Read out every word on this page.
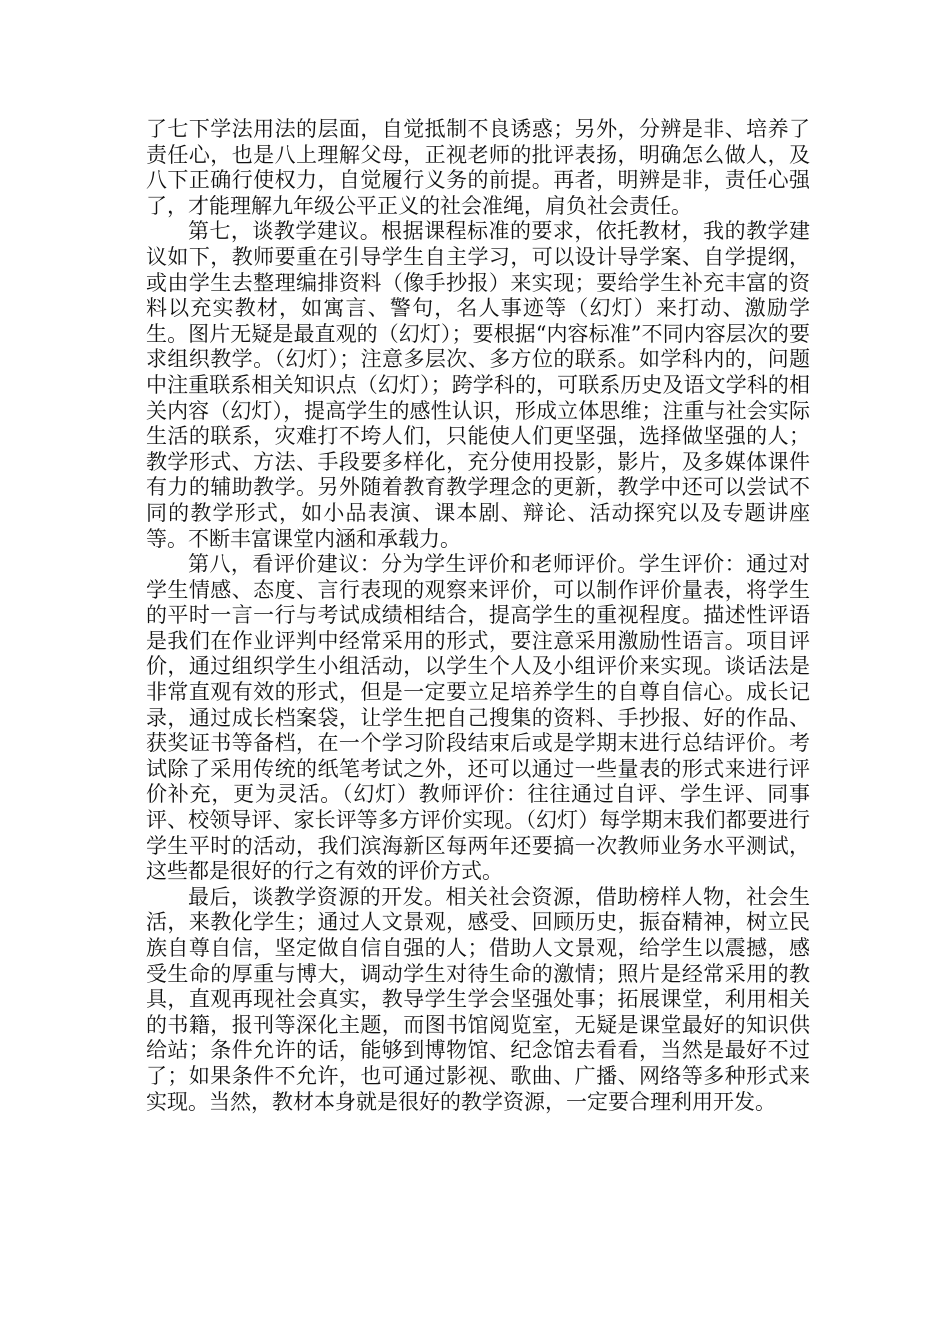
了七下学法用法的层面，自觉抵制不良诱惑；另外，分辨是非、培养了责任心，也是八上理解父母，正视老师的批评表扬，明确怎么做人，及八下正确行使权力，自觉履行义务的前提。再者，明辨是非，责任心强了，才能理解九年级公平正义的社会准绳，肩负社会责任。

第七，谈教学建议。根据课程标准的要求，依托教材，我的教学建议如下，教师要重在引导学生自主学习，可以设计导学案、自学提纲，或由学生去整理编排资料（像手抄报）来实现；要给学生补充丰富的资料以充实教材，如寓言、警句，名人事迹等（幻灯）来打动、激励学生。图片无疑是最直观的（幻灯）；要根据“内容标准”不同内容层次的要求组织教学。（幻灯）；注意多层次、多方位的联系。如学科内的，问题中注重联系相关知识点（幻灯）；跨学科的，可联系历史及语文学科的相关内容（幻灯），提高学生的感性认识，形成立体思维；注重与社会实际生活的联系，灾难打不垮人们，只能使人们更坚强，选择做坚强的人；教学形式、方法、手段要多样化，充分使用投影，影片，及多媒体课件有力的辅助教学。另外随着教育教学理念的更新，教学中还可以尝试不同的教学形式，如小品表演、课本剧、辩论、活动探究以及专题讲座等。不断丰富课堂内涵和承载力。

第八，看评价建议：分为学生评价和老师评价。学生评价：通过对学生情感、态度、言行表现的观察来评价，可以制作评价量表，将学生的平时一言一行与考试成绩相结合，提高学生的重视程度。描述性评语是我们在作业评判中经常采用的形式，要注意采用激励性语言。项目评价，通过组织学生小组活动，以学生个人及小组评价来实现。谈话法是非常直观有效的形式，但是一定要立足培养学生的自尊自信心。成长记录，通过成长档案袋，让学生把自己搜集的资料、手抄报、好的作品、获奖证书等备档，在一个学习阶段结束后或是学期末进行总结评价。考试除了采用传统的纸笔考试之外，还可以通过一些量表的形式来进行评价补充，更为灵活。（幻灯）教师评价：往往通过自评、学生评、同事评、校领导评、家长评等多方评价实现。（幻灯）每学期末我们都要进行学生平时的活动，我们滨海新区每两年还要搞一次教师业务水平测试，这些都是很好的行之有效的评价方式。

最后，谈教学资源的开发。相关社会资源，借助榜样人物，社会生活，来教化学生；通过人文景观，感受、回顾历史，振奋精神，树立民族自尊自信，坚定做自信自强的人；借助人文景观，给学生以震撼，感受生命的厚重与博大，调动学生对待生命的激情；照片是经常采用的教具，直观再现社会真实，教导学生学会坚强处事；拓展课堂，利用相关的书籍，报刊等深化主题，而图书馆阅览室，无疑是课堂最好的知识供给站；条件允许的话，能够到博物馆、纪念馆去看看，当然是最好不过了；如果条件不允许，也可通过影视、歌曲、广播、网络等多种形式来实现。当然，教材本身就是很好的教学资源，一定要合理利用开发。
